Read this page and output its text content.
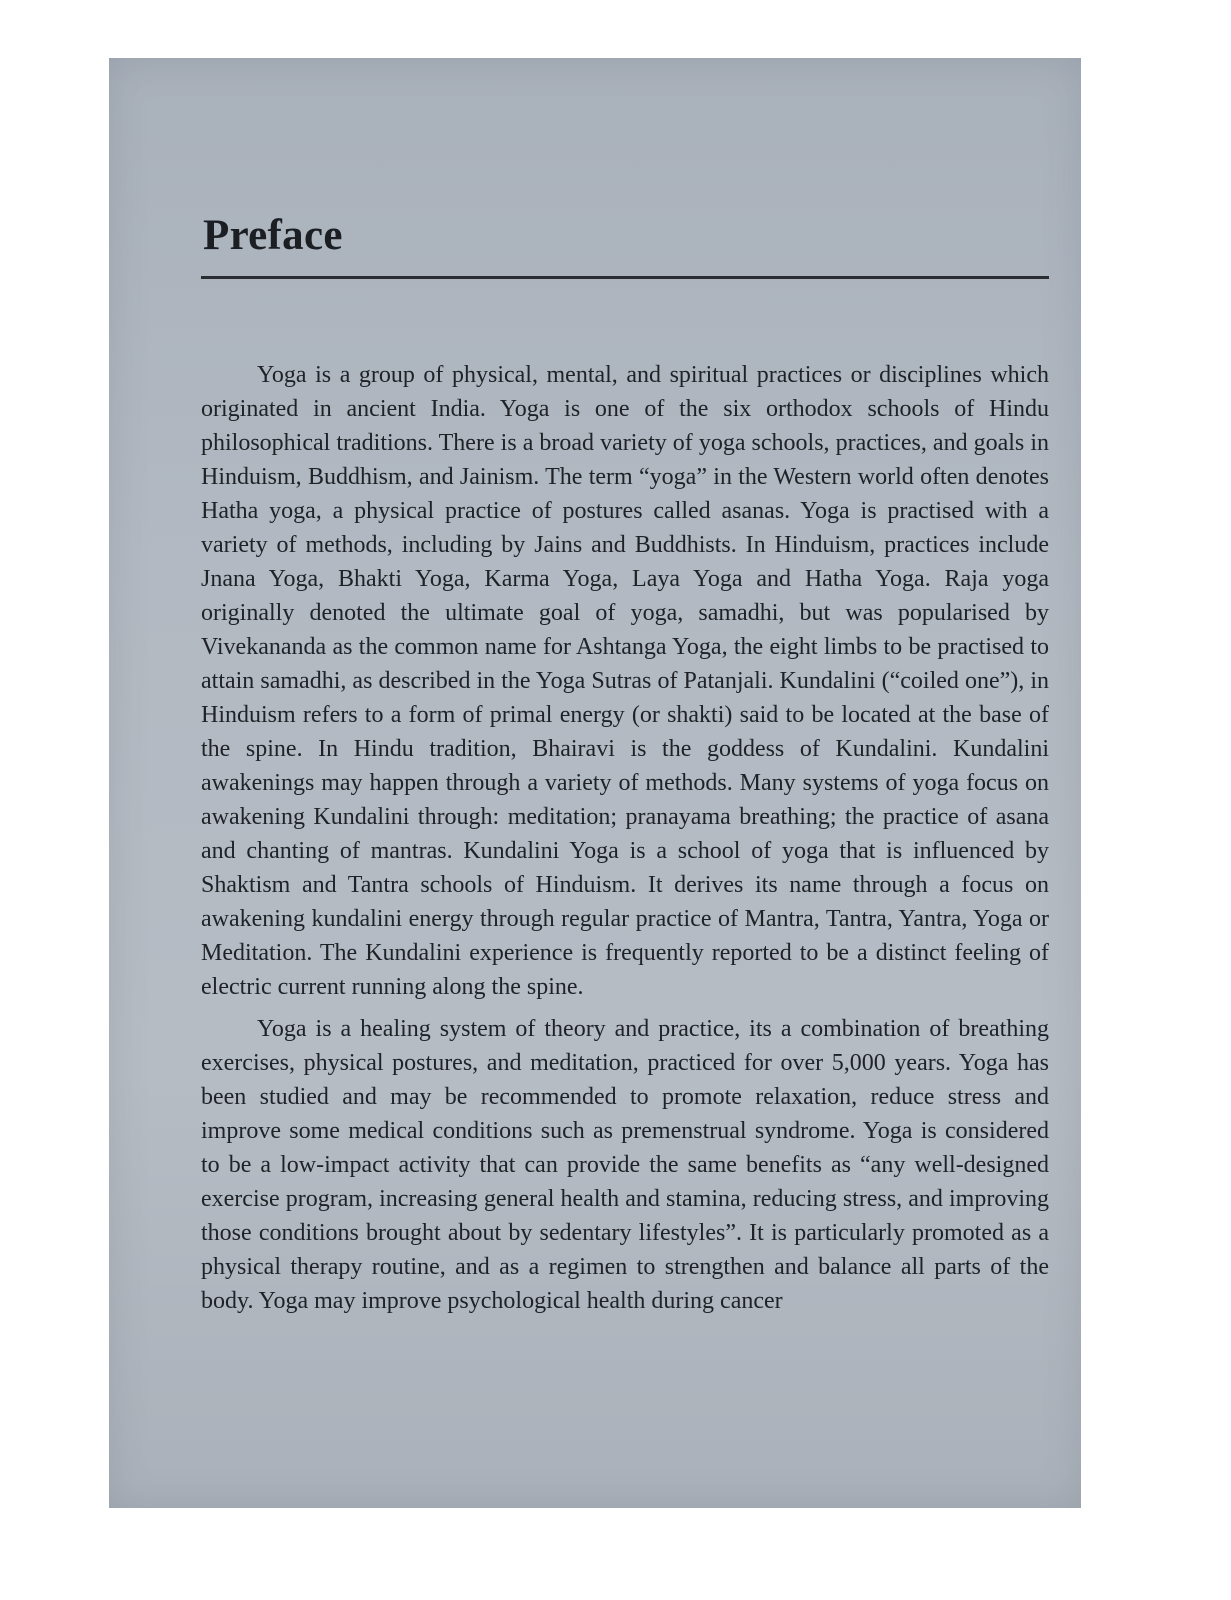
Preface

Yoga is a group of physical, mental, and spiritual practices or disciplines which originated in ancient India. Yoga is one of the six orthodox schools of Hindu philosophical traditions. There is a broad variety of yoga schools, practices, and goals in Hinduism, Buddhism, and Jainism. The term “yoga” in the Western world often denotes Hatha yoga, a physical practice of postures called asanas. Yoga is practised with a variety of methods, including by Jains and Buddhists. In Hinduism, practices include Jnana Yoga, Bhakti Yoga, Karma Yoga, Laya Yoga and Hatha Yoga. Raja yoga originally denoted the ultimate goal of yoga, samadhi, but was popularised by Vivekananda as the common name for Ashtanga Yoga, the eight limbs to be practised to attain samadhi, as described in the Yoga Sutras of Patanjali. Kundalini (“coiled one”), in Hinduism refers to a form of primal energy (or shakti) said to be located at the base of the spine. In Hindu tradition, Bhairavi is the goddess of Kundalini. Kundalini awakenings may happen through a variety of methods. Many systems of yoga focus on awakening Kundalini through: meditation; pranayama breathing; the practice of asana and chanting of mantras. Kundalini Yoga is a school of yoga that is influenced by Shaktism and Tantra schools of Hinduism. It derives its name through a focus on awakening kundalini energy through regular practice of Mantra, Tantra, Yantra, Yoga or Meditation. The Kundalini experience is frequently reported to be a distinct feeling of electric current running along the spine.

Yoga is a healing system of theory and practice, its a combination of breathing exercises, physical postures, and meditation, practiced for over 5,000 years. Yoga has been studied and may be recommended to promote relaxation, reduce stress and improve some medical conditions such as premenstrual syndrome. Yoga is considered to be a low-impact activity that can provide the same benefits as “any well-designed exercise program, increasing general health and stamina, reducing stress, and improving those conditions brought about by sedentary lifestyles”. It is particularly promoted as a physical therapy routine, and as a regimen to strengthen and balance all parts of the body. Yoga may improve psychological health during cancer
